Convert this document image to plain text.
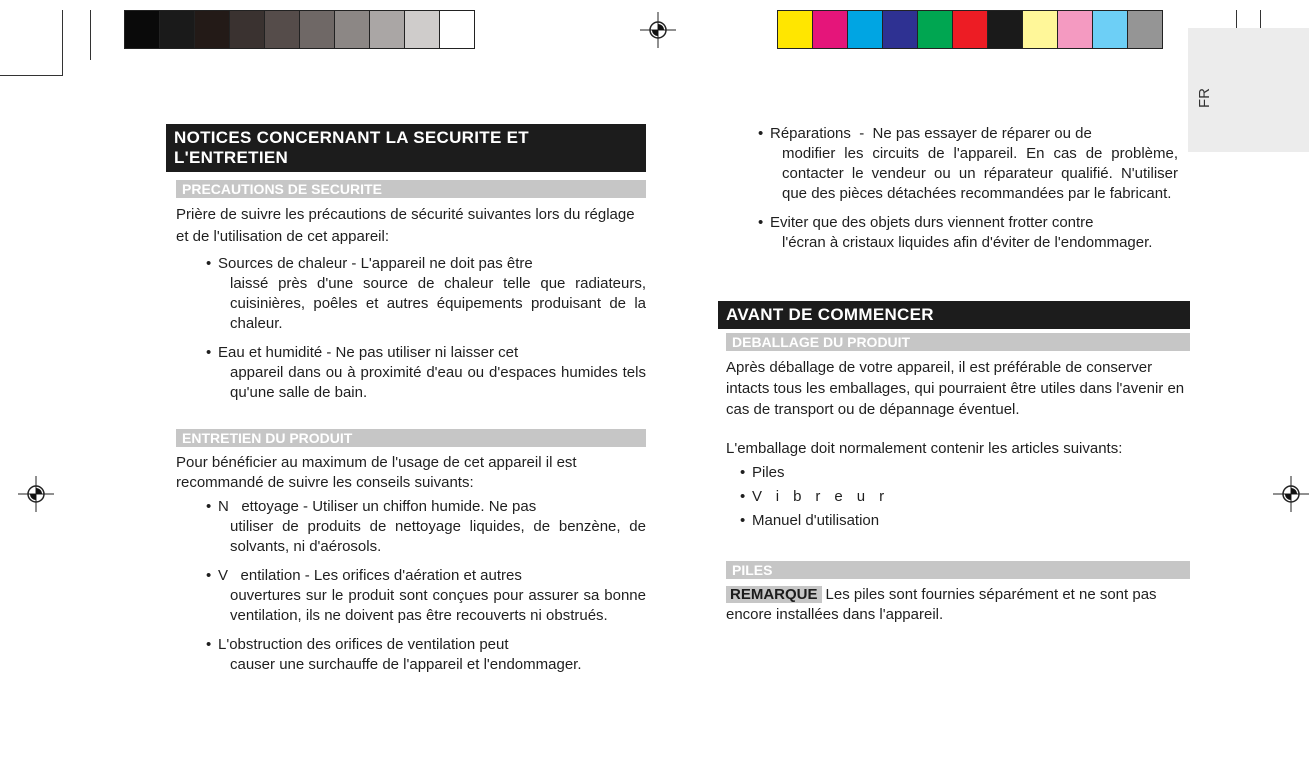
FR
NOTICES CONCERNANT LA SECURITE ET
L'ENTRETIEN
PRECAUTIONS DE SECURITE

Prière de suivre les précautions de sécurité suivantes lors du réglage et de l'utilisation de cet appareil:

• Sources de chaleur - L'appareil ne doit pas être
laissé près d'une source de chaleur telle que radiateurs, cuisinières, poêles et autres équipements produisant de la chaleur.
• Eau et humidité - Ne pas utiliser ni laisser cet
appareil dans ou à proximité d'eau ou d'espaces humides tels qu'une salle de bain.
ENTRETIEN DU PRODUIT

Pour bénéficier au maximum de l'usage de cet appareil il est recommandé de suivre les conseils suivants:

• N   ettoyage - Utiliser un chiffon humide. Ne pas
utiliser de produits de nettoyage liquides, de benzène, de solvants, ni d'aérosols.
• V   entilation - Les orifices d'aération et autres
ouvertures sur le produit sont conçues pour assurer sa bonne ventilation, ils ne doivent pas être recouverts ni obstrués.
• L'obstruction des orifices de ventilation peut
causer une surchauffe de l'appareil et l'endommager.
• Réparations  -  Ne pas essayer de réparer ou de
modifier les circuits de l'appareil. En cas de problème, contacter le vendeur ou un réparateur qualifié. N'utiliser que des pièces détachées recommandées par le fabricant.
• Eviter que des objets durs viennent frotter contre
l'écran à cristaux liquides afin d'éviter de l'endommager.
AVANT DE COMMENCER
DEBALLAGE DU PRODUIT

Après déballage de votre appareil, il est préférable de conserver intacts tous les emballages, qui pourraient être utiles dans l'avenir en cas de transport ou de dépannage éventuel.

L'emballage doit normalement contenir les articles suivants:

• Piles
• Vibreur
• Manuel d'utilisation
PILES

REMARQUE Les piles sont fournies séparément et ne sont pas encore installées dans l'appareil.
